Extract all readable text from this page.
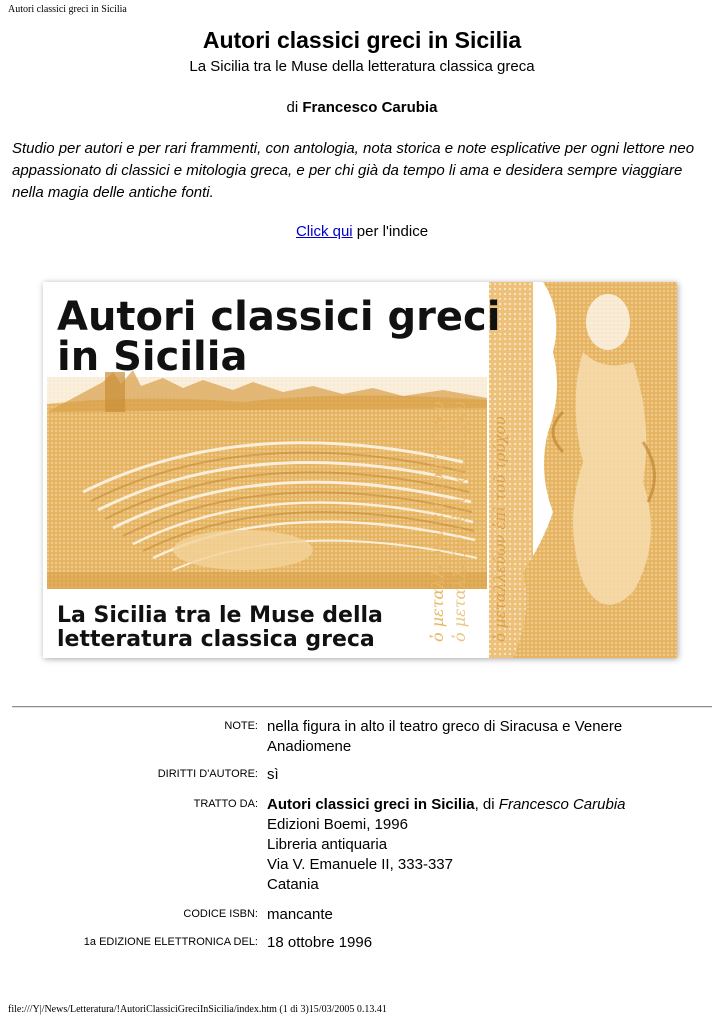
Autori classici greci in Sicilia
Autori classici greci in Sicilia
La Sicilia tra le Muse della letteratura classica greca
di Francesco Carubia
Studio per autori e per rari frammenti, con antologia, nota storica e note esplicative per ogni lettore neo appassionato di classici e mitologia greca, e per chi già da tempo li ama e desidera sempre viaggiare nella magia delle antiche fonti.
Click qui per l'indice
ὁ μεταλλεύων ἐπὶ τοῦ τρύχου ὁ μεταλλεύων ἐπὶ τοῦ τρύχου ὁ μεταλλεύων ἐπὶ τοῦ τρύχου
Autori classici greci
in Sicilia
La Sicilia tra le Muse della
letteratura classica greca
NOTE: nella figura in alto il teatro greco di Siracusa e Venere Anadiomene
DIRITTI D'AUTORE: sì
TRATTO DA: Autori classici greci in Sicilia, di Francesco Carubia
Edizioni Boemi, 1996
Libreria antiquaria
Via V. Emanuele II, 333-337
Catania
CODICE ISBN: mancante
1a EDIZIONE ELETTRONICA DEL: 18 ottobre 1996
file:///Y|/News/Letteratura/!AutoriClassiciGreciInSicilia/index.htm (1 di 3)15/03/2005 0.13.41
